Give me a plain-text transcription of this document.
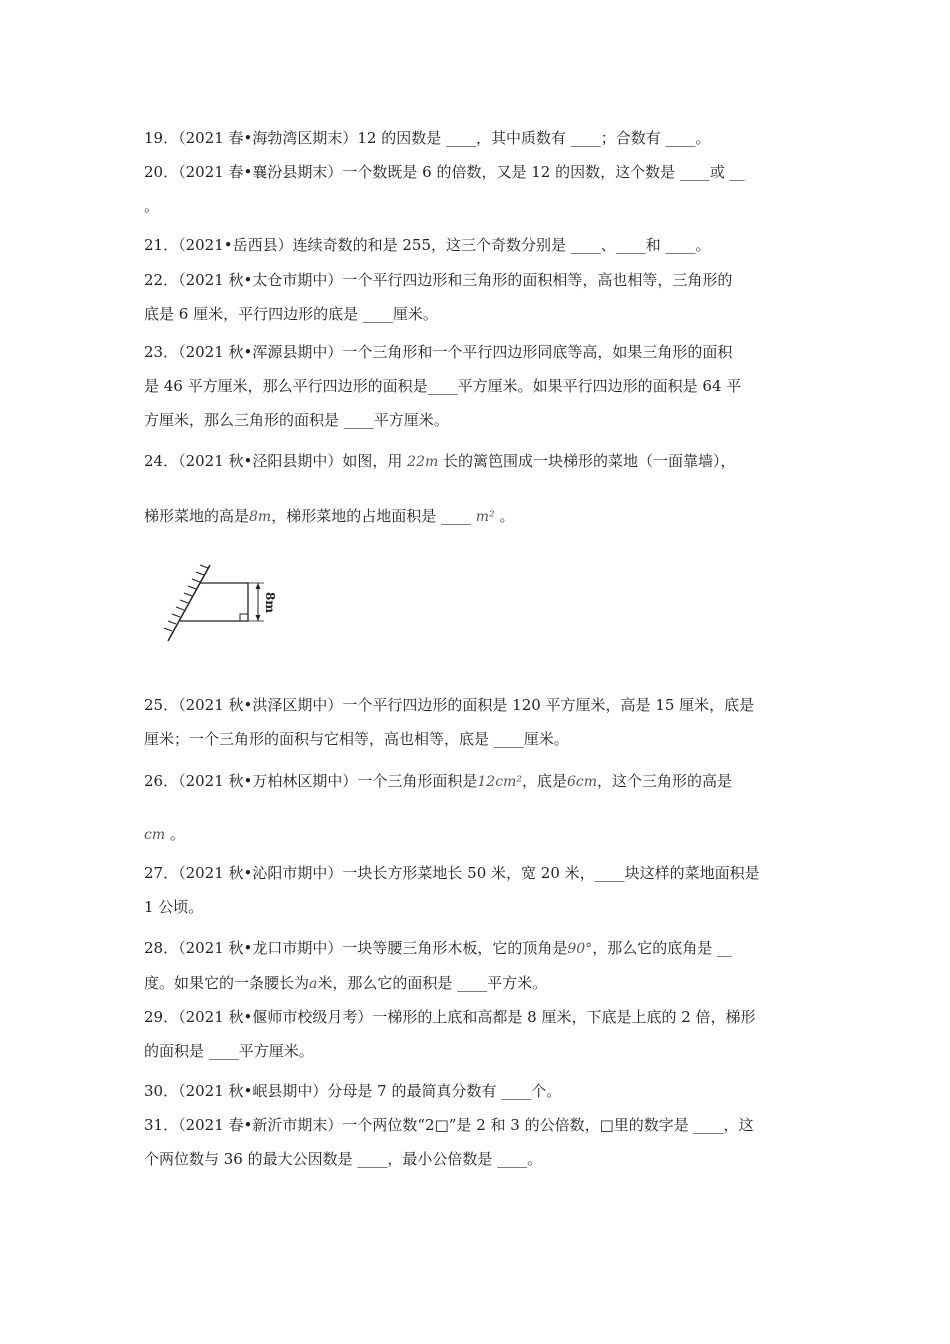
19．（2021 春•海勃湾区期末）12 的因数是 ____，其中质数有 ____；合数有 ____。

20．（2021 春•襄汾县期末）一个数既是 6 的倍数，又是 12 的因数，这个数是 ____或 __

。

21．（2021•岳西县）连续奇数的和是 255，这三个奇数分别是 ____、____和 ____。

22．（2021 秋•太仓市期中）一个平行四边形和三角形的面积相等，高也相等，三角形的

底是 6 厘米，平行四边形的底是 ____厘米。

23．（2021 秋•浑源县期中）一个三角形和一个平行四边形同底等高，如果三角形的面积

是 46 平方厘米，那么平行四边形的面积是____平方厘米。如果平行四边形的面积是 64 平

方厘米，那么三角形的面积是 ____平方厘米。

24．（2021 秋•泾阳县期中）如图，用 22m 长的篱笆围成一块梯形的菜地（一面靠墙），

梯形菜地的高是8m，梯形菜地的占地面积是 ____ m² 。

8m

25．（2021 秋•洪泽区期中）一个平行四边形的面积是 120 平方厘米，高是 15 厘米，底是

厘米；一个三角形的面积与它相等，高也相等，底是 ____厘米。

26．（2021 秋•万柏林区期中）一个三角形面积是12cm²，底是6cm，这个三角形的高是

cm 。

27．（2021 秋•沁阳市期中）一块长方形菜地长 50 米，宽 20 米，____块这样的菜地面积是

1 公顷。

28．（2021 秋•龙口市期中）一块等腰三角形木板，它的顶角是90°，那么它的底角是 __

度。如果它的一条腰长为a米，那么它的面积是 ____平方米。

29．（2021 秋•偃师市校级月考）一梯形的上底和高都是 8 厘米，下底是上底的 2 倍，梯形

的面积是 ____平方厘米。

30．（2021 秋•岷县期中）分母是 7 的最简真分数有 ____个。

31．（2021 春•新沂市期末）一个两位数“2□”是 2 和 3 的公倍数，□里的数字是 ____，这

个两位数与 36 的最大公因数是 ____，最小公倍数是 ____。
